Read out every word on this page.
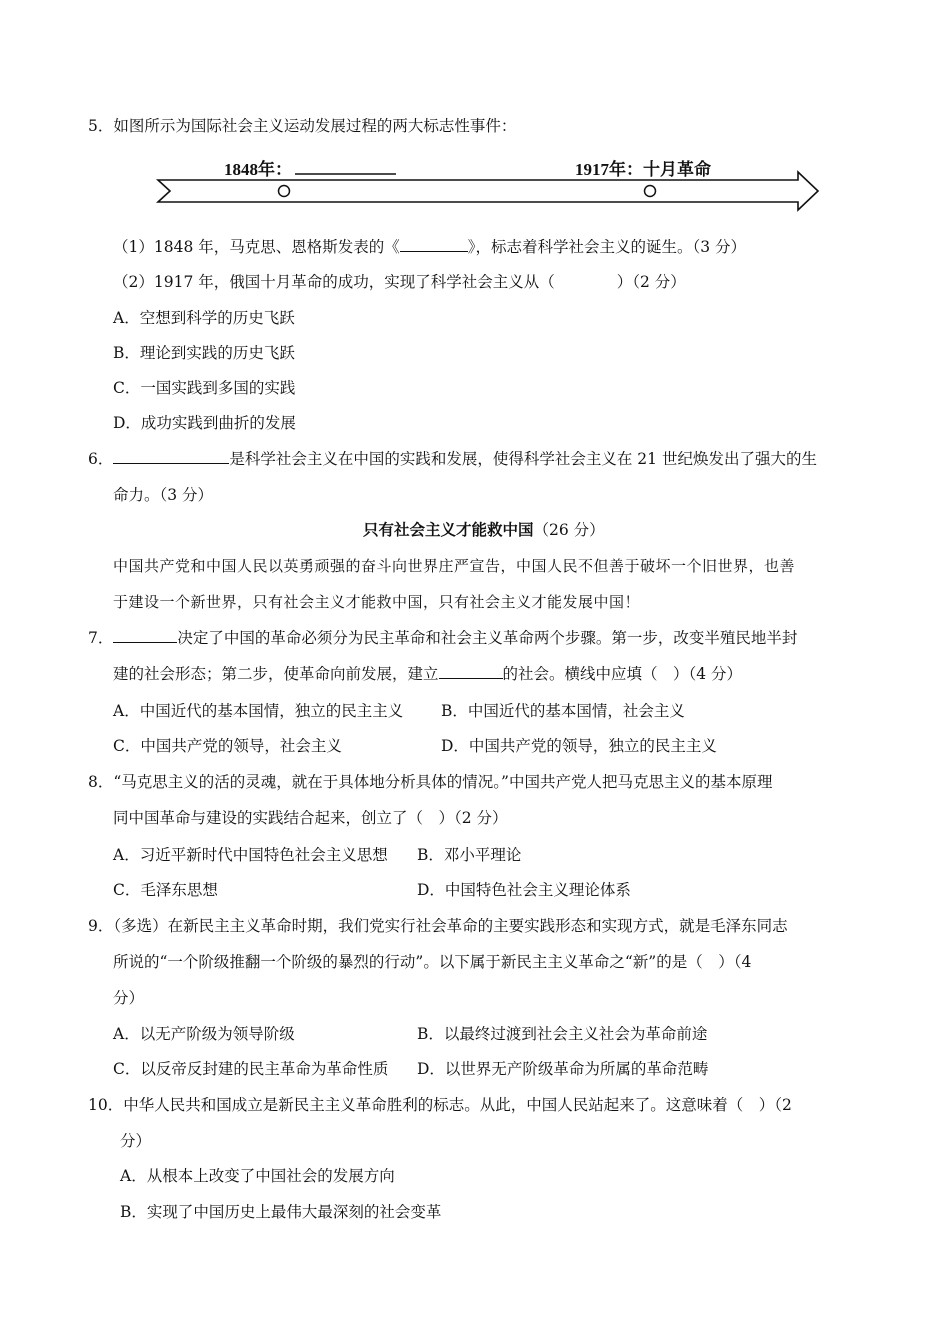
5．如图所示为国际社会主义运动发展过程的两大标志性事件：
1848年：	1917年：十月革命
（1）1848 年，马克思、恩格斯发表的《	》，标志着科学社会主义的诞生。（3 分）
（2）1917 年，俄国十月革命的成功，实现了科学社会主义从（　　　　）（2 分）
A．空想到科学的历史飞跃
B．理论到实践的历史飞跃
C．一国实践到多国的实践
D．成功实践到曲折的发展
6．	是科学社会主义在中国的实践和发展，使得科学社会主义在 21 世纪焕发出了强大的生
命力。（3 分）
只有社会主义才能救中国（26 分）
中国共产党和中国人民以英勇顽强的奋斗向世界庄严宣告，中国人民不但善于破坏一个旧世界，也善
于建设一个新世界，只有社会主义才能救中国，只有社会主义才能发展中国！
7．	决定了中国的革命必须分为民主革命和社会主义革命两个步骤。第一步，改变半殖民地半封
建的社会形态；第二步，使革命向前发展，建立	的社会。横线中应填（　）（4 分）
A．中国近代的基本国情，独立的民主主义 B．中国近代的基本国情，社会主义
C．中国共产党的领导，社会主义	D．中国共产党的领导，独立的民主主义
8．“马克思主义的活的灵魂，就在于具体地分析具体的情况。”中国共产党人把马克思主义的基本原理
同中国革命与建设的实践结合起来，创立了（　）（2 分）
A．习近平新时代中国特色社会主义思想 B．邓小平理论
C．毛泽东思想	D．中国特色社会主义理论体系
9．（多选）在新民主主义革命时期，我们党实行社会革命的主要实践形态和实现方式，就是毛泽东同志
所说的“一个阶级推翻一个阶级的暴烈的行动”。以下属于新民主主义革命之“新”的是（　）（4
分）
A．以无产阶级为领导阶级	B．以最终过渡到社会主义社会为革命前途
C．以反帝反封建的民主革命为革命性质 D．以世界无产阶级革命为所属的革命范畴
10．中华人民共和国成立是新民主主义革命胜利的标志。从此，中国人民站起来了。这意味着（　）（2
分）
A．从根本上改变了中国社会的发展方向
B．实现了中国历史上最伟大最深刻的社会变革
